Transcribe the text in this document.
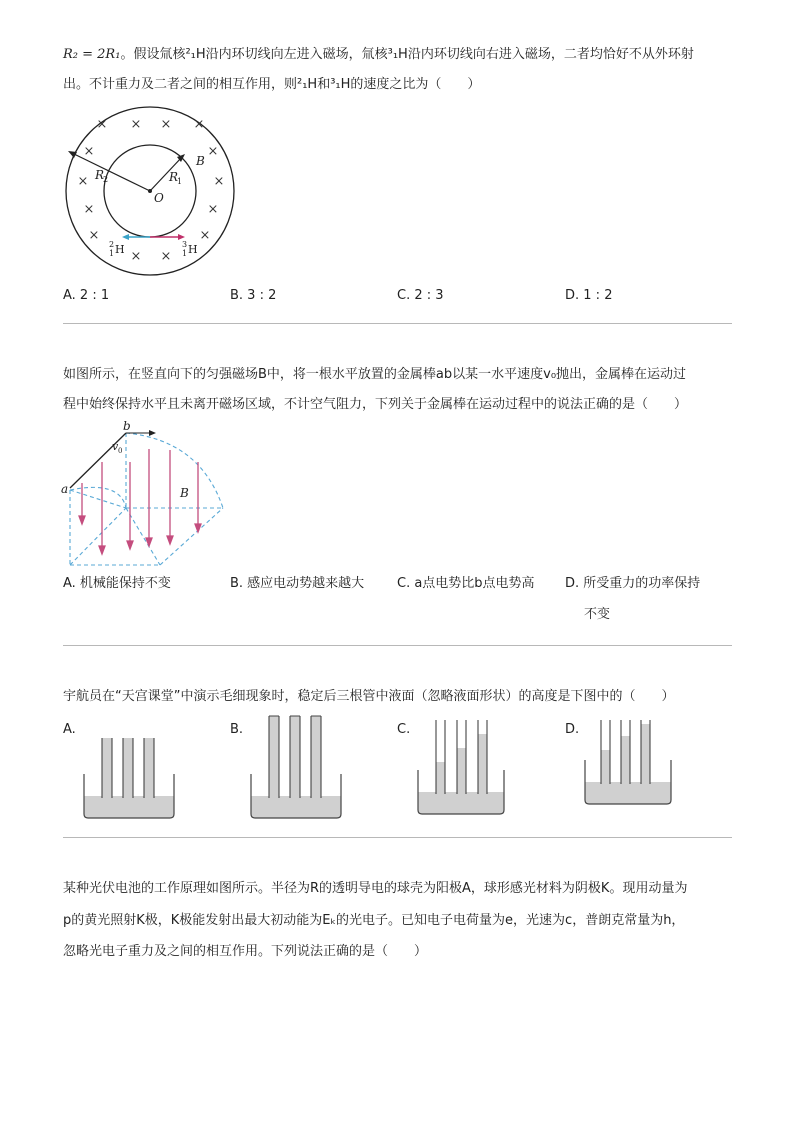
R₂ = 2R₁。假设氚核²₁H沿内环切线向左进入磁场，氚核³₁H沿内环切线向右进入磁场，二者均恰好不从外环射
出。不计重力及二者之间的相互作用，则²₁H和³₁H的速度之比为（　　）
× × × ×
×	×
×	×
×	×
×	×
× ×
O
B
R
1
R
2
2
1 H	3
1 H
A. 2 : 1	B. 3 : 2	C. 2 : 3	D. 1 : 2
如图所示，在竖直向下的匀强磁场B中，将一根水平放置的金属棒ab以某一水平速度v₀抛出，金属棒在运动过
程中始终保持水平且未离开磁场区域，不计空气阻力，下列关于金属棒在运动过程中的说法正确的是（　　）
a
b
v 0
B
A. 机械能保持不变	B. 感应电动势越来越大	C. a点电势比b点电势高 D. 所受重力的功率保持
不变
宇航员在“天宫课堂”中演示毛细现象时，稳定后三根管中液面（忽略液面形状）的高度是下图中的（　　）
A.	B.	C.	D.
某种光伏电池的工作原理如图所示。半径为R的透明导电的球壳为阳极A，球形感光材料为阴极K。现用动量为
p的黄光照射K极，K极能发射出最大初动能为Eₖ的光电子。已知电子电荷量为e，光速为c，普朗克常量为h，
忽略光电子重力及之间的相互作用。下列说法正确的是（　　）
